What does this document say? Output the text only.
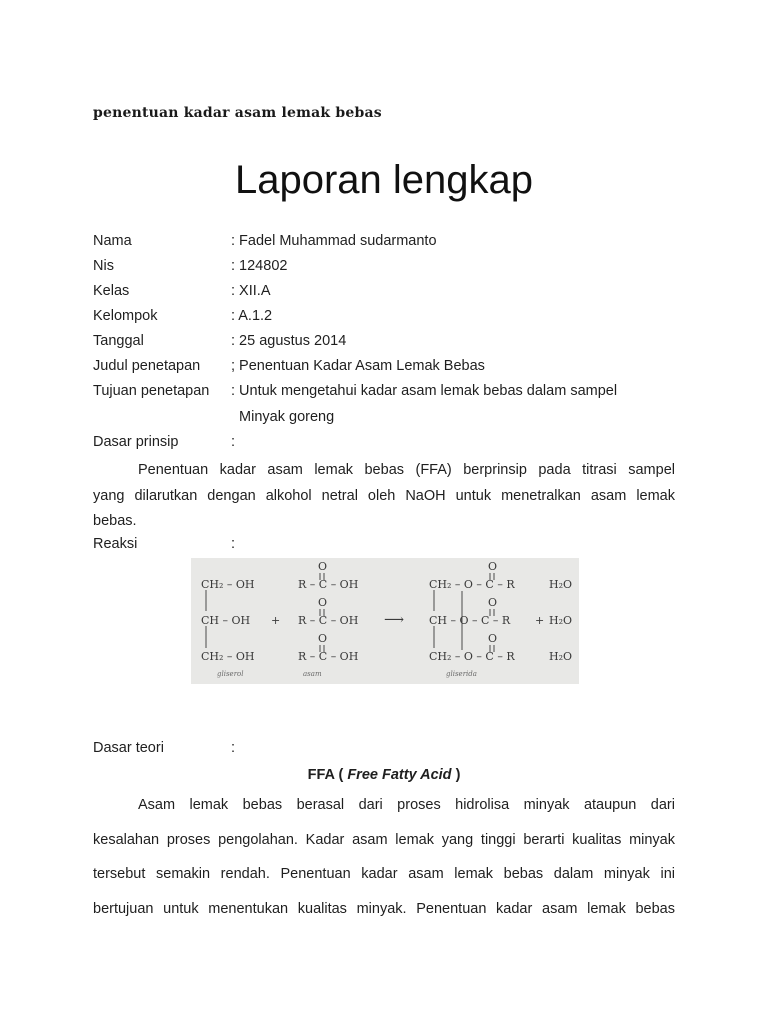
penentuan kadar asam lemak bebas
Laporan lengkap
Nama	: Fadel Muhammad sudarmanto
Nis	: 124802
Kelas	: XII.A
Kelompok	: A.1.2
Tanggal	: 25 agustus 2014
Judul penetapan ; Penentuan Kadar Asam Lemak Bebas
Tujuan penetapan : Untuk mengetahui kadar asam lemak bebas dalam sampel
Minyak goreng
Dasar prinsip	:
Penentuan kadar asam lemak bebas (FFA) berprinsip pada titrasi sampel
yang dilarutkan dengan alkohol netral oleh NaOH untuk menetralkan asam lemak
bebas.
Reaksi	:
CH₂ – OH
CH – OH
CH₂ – OH
gliserol
+
O
R – C – OH
O
R – C – OH
O
R – C – OH
asam
⟶
O
CH₂ – O – C – R
O
CH – O – C – R
O
CH₂ – O – C – R
gliserida
+
H₂O
H₂O
H₂O
Dasar teori	:
FFA ( Free Fatty Acid )
Asam lemak bebas berasal dari proses hidrolisa minyak ataupun dari
kesalahan proses pengolahan. Kadar asam lemak yang tinggi berarti kualitas minyak
tersebut semakin rendah. Penentuan kadar asam lemak bebas dalam minyak ini
bertujuan untuk menentukan kualitas minyak. Penentuan kadar asam lemak bebas
